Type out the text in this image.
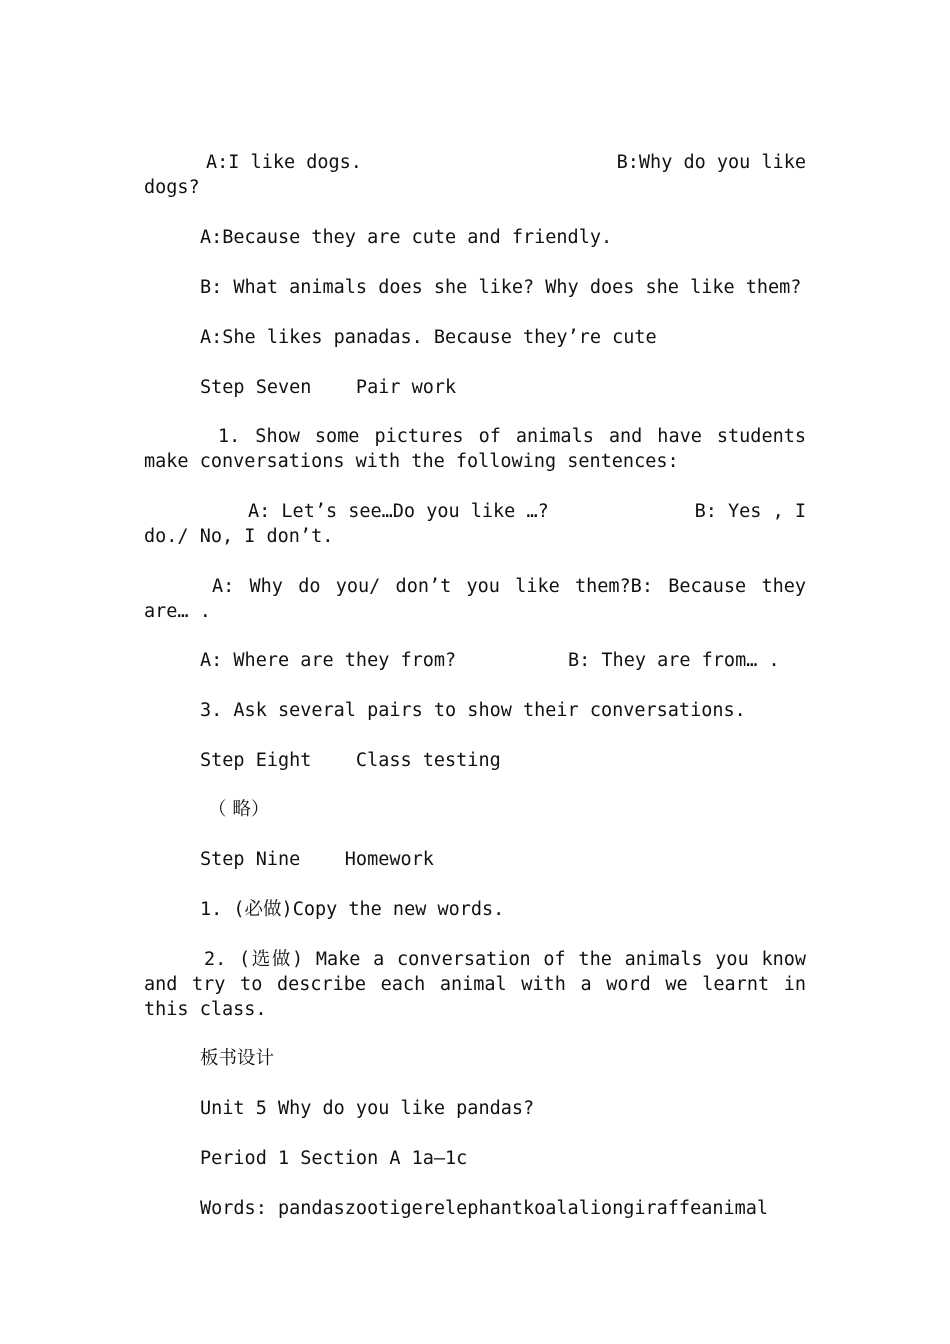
A:I like dogs.	B:Why do you like
dogs?
A:Because they are cute and friendly.
B: What animals does she like? Why does she like them?
A:She likes panadas. Because they’re cute
Step Seven    Pair work

1. Show some pictures of animals and have students make conversations with the following sentences:

A: Let’s see…Do you like …?	B: Yes , I
do./ No, I don’t.
A: Why do you/ don’t you like them?B: Because they
are… .
A: Where are they from?	B: They are from… .
3. Ask several pairs to show their conversations.
Step Eight    Class testing
（ 略）
Step Nine    Homework
1. (必做)Copy the new words.

2. (选做) Make a conversation of the animals you know and try to describe each animal with a word we learnt in this class.

板书设计
Unit 5 Why do you like pandas?
Period 1 Section A 1a—1c
Words: pandaszootigerelephantkoalaliongiraffeanimal
